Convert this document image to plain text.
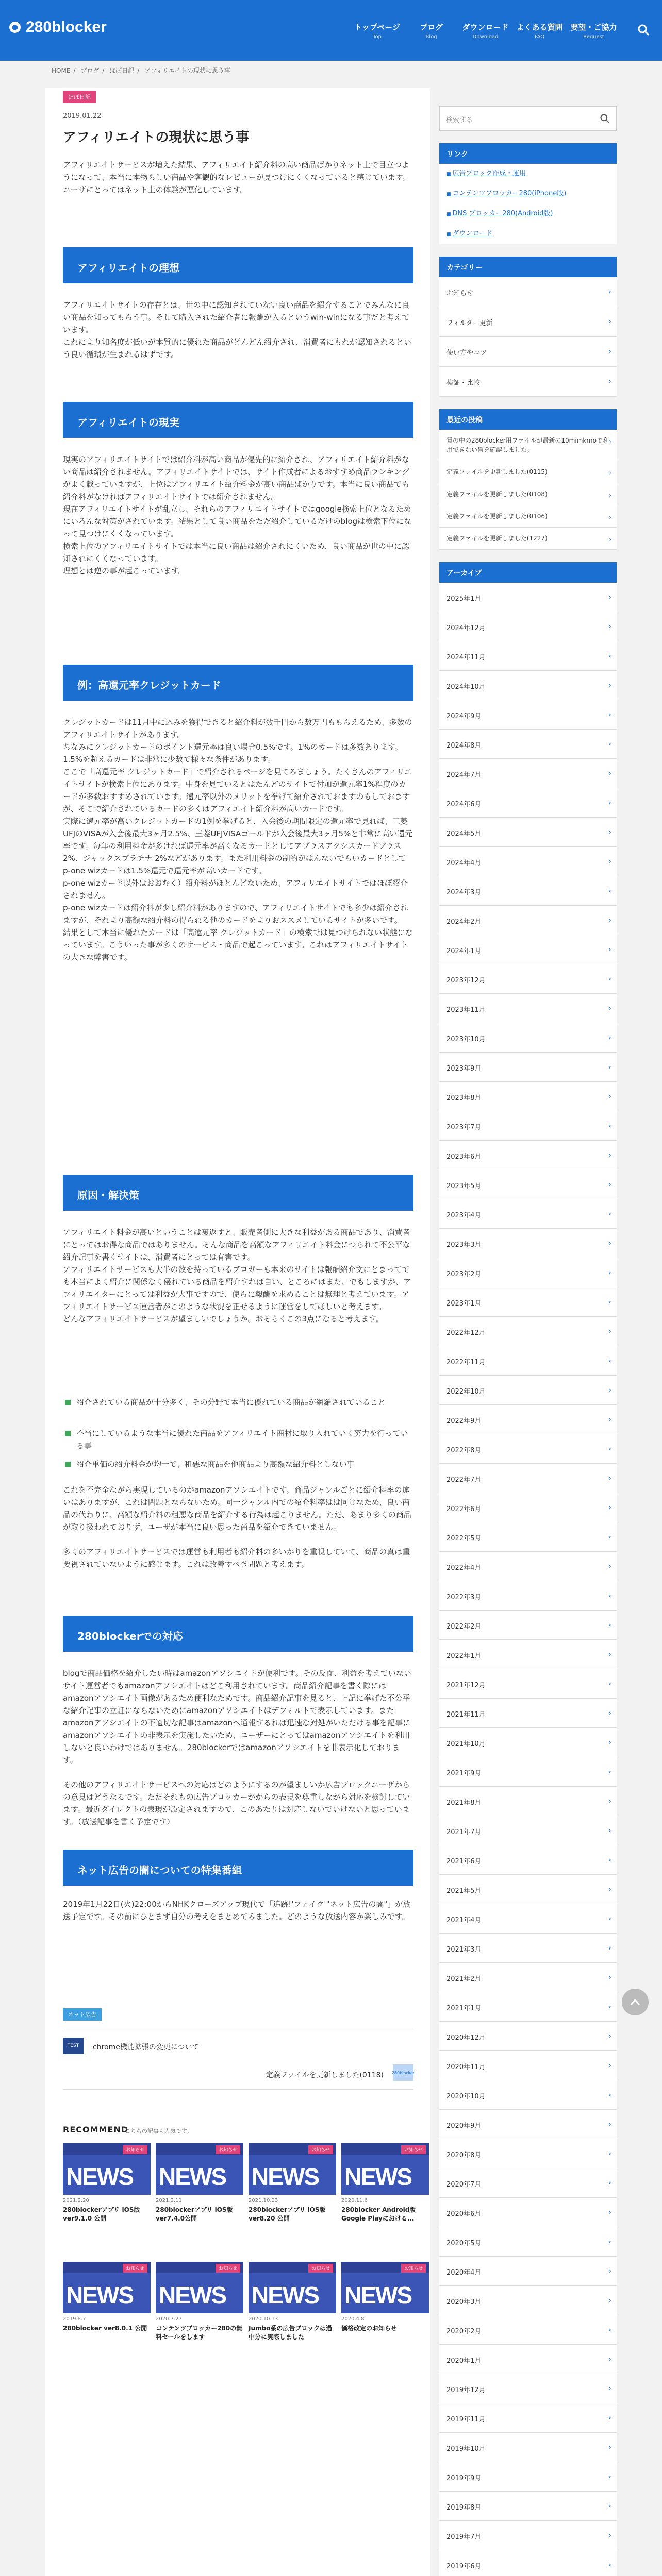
● 280blocker	トップページ
Top
ブログ
Blog
ダウンロード
Download
よくある質問
FAQ
要望・ご協力
Request
HOME / ブログ / ほぼ日記 / アフィリエイトの現状に思う事
ほぼ日記
2019.01.22
アフィリエイトの現状に思う事

アフィリエイトサービスが増えた結果、アフィリエイト紹介料の高い商品ばかりネット上で目立つようになって、本当に本物らしい商品や客観的なレビューが見つけにくくなっていると感じています。
ユーザにとってはネット上の体験が悪化しています。

アフィリエイトの理想

アフィリエイトサイトの存在とは、世の中に認知されていない良い商品を紹介することでみんなに良い商品を知ってもらう事。そして購入された紹介者に報酬が入るというwin-winになる事だと考えています。
これにより知名度が低いが本質的に優れた商品がどんどん紹介され、消費者にもれが認知されるという良い循環が生まれるはずです。

アフィリエイトの現実

現実のアフィリエイトサイトでは紹介料が高い商品が優先的に紹介され、アフィリエイト紹介料がない商品は紹介されません。アフィリエイトサイトでは、サイト作成者によるおすすめ商品ランキングがよく載っていますが、上位はアフィリエイト紹介料金が高い商品ばかりです。本当に良い商品でも紹介料がなければアフィリエイトサイトでは紹介されません。
現在アフィリエイトサイトが乱立し、それらのアフィリエイトサイトではgoogle検索上位となるためにいろんな対策がされています。結果として良い商品をただ紹介しているだけのblogは検索下位になって見つけにくくなっています。
検索上位のアフィリエイトサイトでは本当に良い商品は紹介されにくいため、良い商品が世の中に認知されにくくなっています。
理想とは逆の事が起こっています。

例：高還元率クレジットカード

クレジットカードは11月中に込みを獲得できると紹介料が数千円から数万円ももらえるため、多数のアフィリエイトサイトがあります。
ちなみにクレジットカードのポイント還元率は良い場合0.5%です。1%のカードは多数あります。1.5%を超えるカードは非常に少数で様々な条件があります。
ここで「高還元率 クレジットカード」で紹介されるページを見てみましょう。たくさんのアフィリエイトサイトが検索上位にあります。中身を見ているとはたんどのサイトで付加が還元率1%程度のカードが多数おすすめされています。還元率以外のメリットを挙げて紹介されておますのもしておますが、そこで紹介されているカードの多くはアフィエイト紹介料が高いカードです。
実際に還元率が高いクレジットカードの1例を挙げると、入会後の期間限定の還元率で見れば、三菱UFJのVISAが入会後最大3ヶ月2.5%、三菱UFJVISAゴールドが入会後最大3ヶ月5%と非常に高い還元率です。毎年の利用料金が多ければ還元率が高くなるカードとしてアプラスアクシスカードプラス 2%、ジャックスプラチナ 2%などがあります。また利用料金の制約がはんないでもいカードとしてp-one wizカードは1.5%還元で還元率が高いカードです。
p-one wizカード以外はおおむく）紹介料がほとんどないため、アフィリエイトサイトではほぼ紹介されません。
p-one wizカードは紹介料が少し紹介料がありますので、アフィリエイトサイトでも多少は紹介されますが、それより高額な紹介料の得られる他のカードをよりおススメしているサイトが多いです。
結果として本当に優れたカードは「高還元率 クレジットカード」の検索では見つけられない状態になっています。こういった事が多くのサービス・商品で起こっています。これはアフィリエイトサイトの大きな弊害です。

原因・解決策

アフィリエイト料金が高いということは裏返すと、販売者側に大きな利益がある商品であり、消費者にとってはお得な商品ではありません。そんな商品を高額なアフィリエイト料金につられて不公平な紹介記事を書くサイトは、消費者にとっては有害です。
アフィリエイトサービスも大半の数を持っているブロガーも本来のサイトは報酬紹介文にとまってても本当によく紹介に関係なく優れている商品を紹介すれば自い、ところにはまた、でもしますが、アフィリエイターにとっては利益が大事ですので、使らに報酬を求めることは無理と考えています。アフィリエイトサービス運営者がこのような状況を正せるように運営をしてほしいと考えます。
どんなアフィリエイトサービスが望ましいでしょうか。おそらくこの3点になると考えます。

紹介されている商品が十分多く、その分野で本当に優れている商品が網羅されていること
不当にしているような本当に優れた商品をアフィリエイト商材に取り入れていく努力を行っている事
紹介単価の紹介料金が均一で、租悪な商品を他商品より高額な紹介料としない事

これを不完全ながら実現しているのがamazonアソシエイトです。商品ジャンルごとに紹介料率の違いはありますが、これは問題とならないため。同一ジャンル内での紹介料率はは同じなため、良い商品の代わりに、高額な紹介料の租悪な商品を紹介する行為は起こりません。ただ、あまり多くの商品が取り扱われておりず、ユーザが本当に良い思った商品を紹介できていません。

多くのアフィリエイトサービスでは運営も利用者も紹介料の多いかりを重視していて、商品の真は重要視されていないように感じます。これは改善すべき問題と考えます。

280blockerでの対応

blogで商品価格を紹介したい時はamazonアソシエイトが便利です。その反面、利益を考えていないサイト運営者でもamazonアソシエイトはどこ利用されています。商品紹介記事を書く際にはamazonアソシエイト画像があるため便利なためです。商品紹介記事を見ると、上記に挙げた不公平な紹介記事の立証にならないためにamazonアソシエイトはデフォルトで表示しています。またamazonアソシエイトの不適切な記事はamazonへ通報するれば迅速な対処がいただける事を記事にamazonアソシエイトの非表示を実施したいため、ユーザーにとってはamazonアソシエイトを利用しないと良いわけではありません。280blockerではamazonアソシエイトを非表示化しております。

その他のアフィリエイトサービスへの対応はどのようにするのが望ましいか広告ブロックユーザからの意見はどうなるです。ただそれもの広告ブロッカーがからの表現を尊重しながら対応を検討しています。最近ダイレクトの表現が設定されますので、このあたりは対応しないでいけないと思っています。（放送記事を書く予定です）

ネット広告の闇についての特集番組

2019年1月22日(火)22:00からNHKクローズアップ現代で「追跡!'フェイク'"ネット広告の闇"」が放送予定です。その前にひとまず自分の考えをまとめてみました。どのような放送内容か楽しみです。

ネット広告
TEST	chrome機能拡張の変更について
定義ファイルを更新しました(0118) 280blocker
RECOMMEND
こちらの記事も人気です。
お知らせ
NEWS
2021.2.20
280blockerアプリ iOS版ver9.1.0 公開
お知らせ
NEWS
2021.2.11
280blockerアプリ iOS版ver7.4.0公開
お知らせ
NEWS
2021.10.23
280blockerアプリ iOS版ver8.20 公開
お知らせ
NEWS
2020.11.6
280blocker Android版 Google Playにおける...
お知らせ
NEWS
2019.8.7
280blocker ver8.0.1 公開
お知らせ
NEWS
2020.7.27
コンテンツブロッカー280の無料セールをします
お知らせ
NEWS
2020.10.13
Jumbo系の広告ブロックは過中分に実際しました
お知らせ
NEWS
2020.4.8
価格改定のお知らせ
検索する
リンク
■ 広告ブロック作成・運用
■ コンテンツブロッカー280(iPhone版)
■ DNS ブロッカー280(Android版)
■ ダウンロード
カテゴリー
お知らせ	›
フィルター更新	›
使い方やコツ	›
検証・比較	›
最近の投稿
質の中の280blocker用ファイルが最新の10mimkrnoで利用できない旨を確認しました。
›
定義ファイルを更新しました(0115)	›
定義ファイルを更新しました(0108)	›
定義ファイルを更新しました(0106)	›
定義ファイルを更新しました(1227)	›
アーカイブ
2025年1月	›
2024年12月	›
2024年11月	›
2024年10月	›
2024年9月	›
2024年8月	›
2024年7月	›
2024年6月	›
2024年5月	›
2024年4月	›
2024年3月	›
2024年2月	›
2024年1月	›
2023年12月	›
2023年11月	›
2023年10月	›
2023年9月	›
2023年8月	›
2023年7月	›
2023年6月	›
2023年5月	›
2023年4月	›
2023年3月	›
2023年2月	›
2023年1月	›
2022年12月	›
2022年11月	›
2022年10月	›
2022年9月	›
2022年8月	›
2022年7月	›
2022年6月	›
2022年5月	›
2022年4月	›
2022年3月	›
2022年2月	›
2022年1月	›
2021年12月	›
2021年11月	›
2021年10月	›
2021年9月	›
2021年8月	›
2021年7月	›
2021年6月	›
2021年5月	›
2021年4月	›
2021年3月	›
2021年2月	›
2021年1月	›
2020年12月	›
2020年11月	›
2020年10月	›
2020年9月	›
2020年8月	›
2020年7月	›
2020年6月	›
2020年5月	›
2020年4月	›
2020年3月	›
2020年2月	›
2020年1月	›
2019年12月	›
2019年11月	›
2019年10月	›
2019年9月	›
2019年8月	›
2019年7月	›
2019年6月	›
